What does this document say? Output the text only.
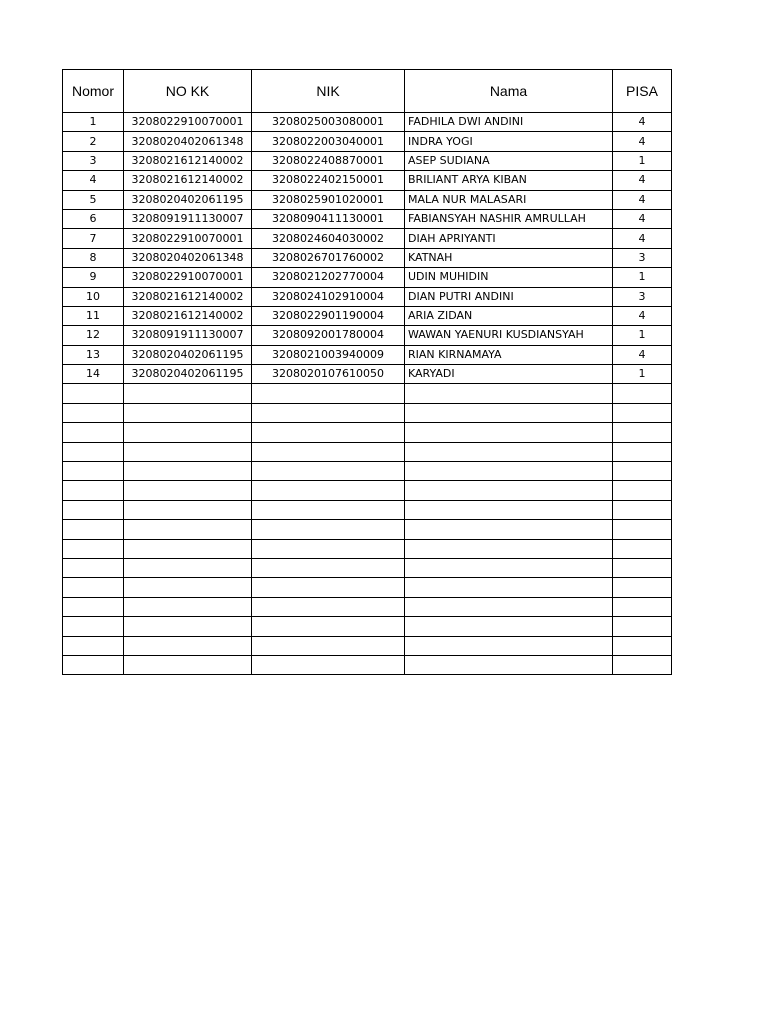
Nomor	NO KK	NIK	Nama	PISA
1	3208022910070001	3208025003080001	FADHILA DWI ANDINI	4
2	3208020402061348	3208022003040001	INDRA YOGI	4
3	3208021612140002	3208022408870001	ASEP SUDIANA	1
4	3208021612140002	3208022402150001	BRILIANT ARYA KIBAN	4
5	3208020402061195	3208025901020001	MALA NUR MALASARI	4
6	3208091911130007	3208090411130001	FABIANSYAH NASHIR AMRULLAH	4
7	3208022910070001	3208024604030002	DIAH APRIYANTI	4
8	3208020402061348	3208026701760002	KATNAH	3
9	3208022910070001	3208021202770004	UDIN MUHIDIN	1
10	3208021612140002	3208024102910004	DIAN PUTRI ANDINI	3
11	3208021612140002	3208022901190004	ARIA ZIDAN	4
12	3208091911130007	3208092001780004	WAWAN YAENURI KUSDIANSYAH	1
13	3208020402061195	3208021003940009	RIAN KIRNAMAYA	4
14	3208020402061195	3208020107610050	KARYADI	1
